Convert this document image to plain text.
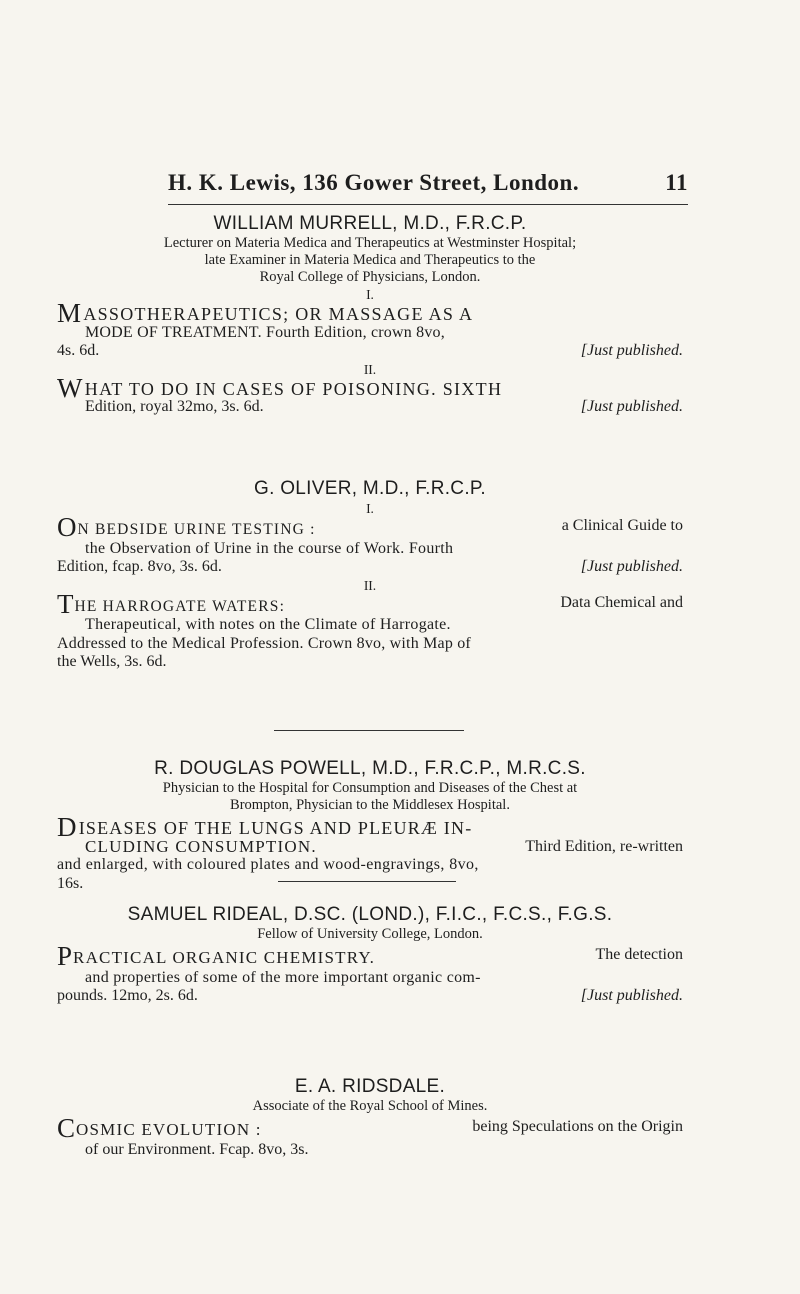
H. K. Lewis, 136 Gower Street, London.	11
WILLIAM MURRELL, M.D., F.R.C.P.
Lecturer on Materia Medica and Therapeutics at Westminster Hospital;
late Examiner in Materia Medica and Therapeutics to the
Royal College of Physicians, London.
I.
MASSOTHERAPEUTICS; OR MASSAGE AS A
MODE OF TREATMENT. Fourth Edition, crown 8vo,
4s. 6d.	[Just published.
II.
WHAT TO DO IN CASES OF POISONING. SIXTH
Edition, royal 32mo, 3s. 6d.	[Just published.
G. OLIVER, M.D., F.R.C.P.
I.
ON BEDSIDE URINE TESTING :	a Clinical Guide to
the Observation of Urine in the course of Work. Fourth
Edition, fcap. 8vo, 3s. 6d.	[Just published.
II.
THE HARROGATE WATERS:	Data Chemical and
Therapeutical, with notes on the Climate of Harrogate.
Addressed to the Medical Profession. Crown 8vo, with Map of
the Wells, 3s. 6d.
R. DOUGLAS POWELL, M.D., F.R.C.P., M.R.C.S.
Physician to the Hospital for Consumption and Diseases of the Chest at
Brompton, Physician to the Middlesex Hospital.
DISEASES OF THE LUNGS AND PLEURÆ IN-
CLUDING CONSUMPTION.	Third Edition, re-written
and enlarged, with coloured plates and wood-engravings, 8vo,
16s.
SAMUEL RIDEAL, D.SC. (LOND.), F.I.C., F.C.S., F.G.S.
Fellow of University College, London.
PRACTICAL ORGANIC CHEMISTRY.	The detection
and properties of some of the more important organic com-
pounds. 12mo, 2s. 6d.	[Just published.
E. A. RIDSDALE.
Associate of the Royal School of Mines.
COSMIC EVOLUTION :	being Speculations on the Origin
of our Environment. Fcap. 8vo, 3s.
